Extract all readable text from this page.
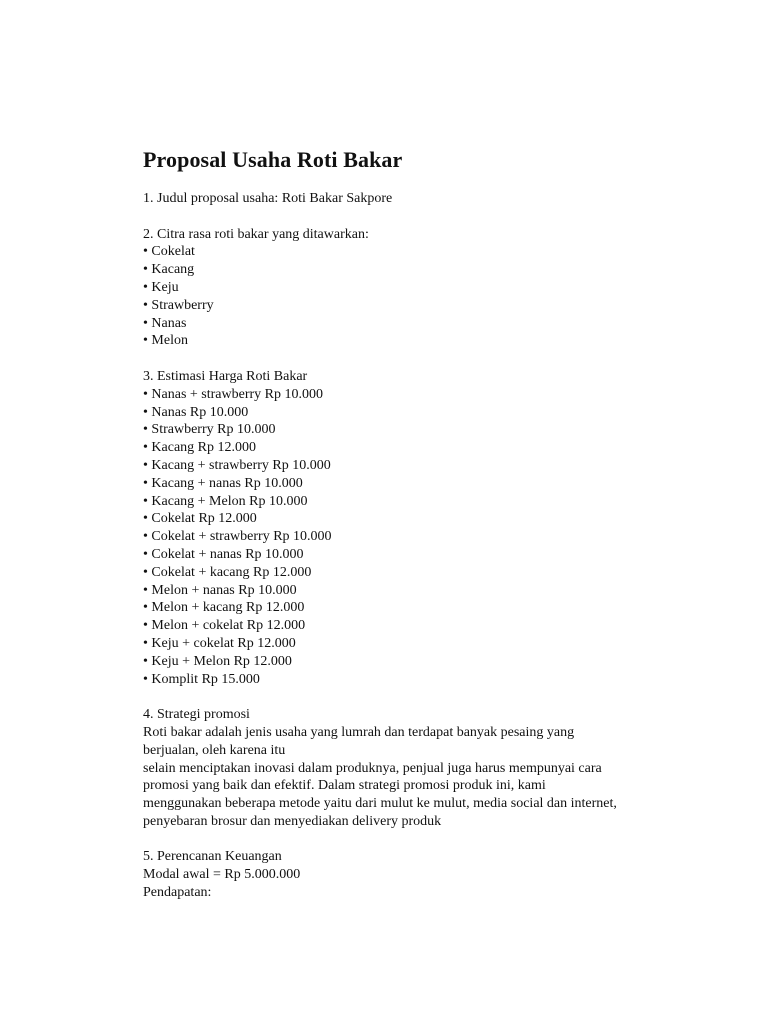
Proposal Usaha Roti Bakar
1. Judul proposal usaha: Roti Bakar Sakpore
2. Citra rasa roti bakar yang ditawarkan:
• Cokelat
• Kacang
• Keju
• Strawberry
• Nanas
• Melon
3. Estimasi Harga Roti Bakar
• Nanas + strawberry Rp 10.000
• Nanas Rp 10.000
• Strawberry Rp 10.000
• Kacang Rp 12.000
• Kacang + strawberry Rp 10.000
• Kacang + nanas Rp 10.000
• Kacang + Melon Rp 10.000
• Cokelat Rp 12.000
• Cokelat + strawberry Rp 10.000
• Cokelat + nanas Rp 10.000
• Cokelat + kacang Rp 12.000
• Melon + nanas Rp 10.000
• Melon + kacang Rp 12.000
• Melon + cokelat Rp 12.000
• Keju + cokelat Rp 12.000
• Keju + Melon Rp 12.000
• Komplit Rp 15.000
4. Strategi promosi
Roti bakar adalah jenis usaha yang lumrah dan terdapat banyak pesaing yang
berjualan, oleh karena itu
selain menciptakan inovasi dalam produknya, penjual juga harus mempunyai cara
promosi yang baik dan efektif. Dalam strategi promosi produk ini, kami
menggunakan beberapa metode yaitu dari mulut ke mulut, media social dan internet,
penyebaran brosur dan menyediakan delivery produk
5. Perencanan Keuangan
Modal awal = Rp 5.000.000
Pendapatan:
